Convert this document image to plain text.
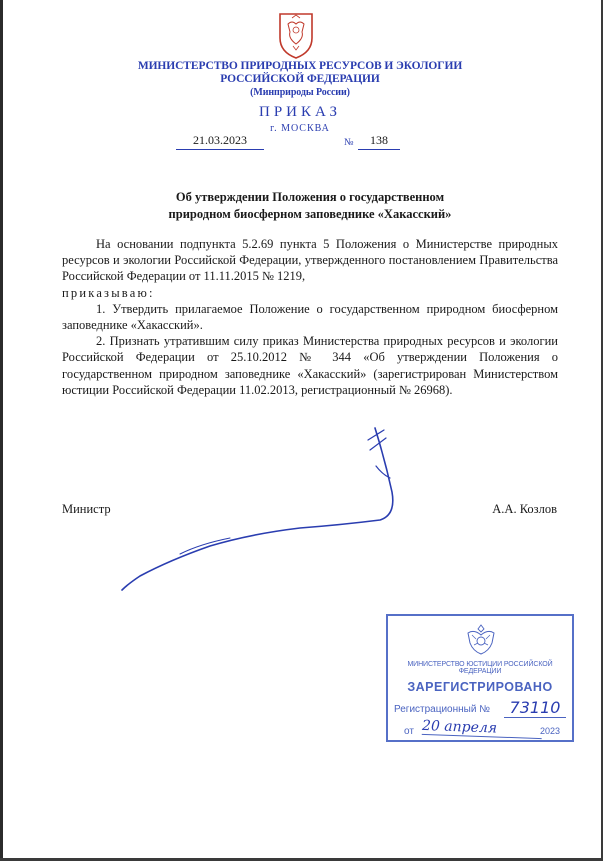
МИНИСТЕРСТВО ПРИРОДНЫХ РЕСУРСОВ И ЭКОЛОГИИ
РОССИЙСКОЙ ФЕДЕРАЦИИ
(Минприроды России)
ПРИКАЗ
г. МОСКВА
21.03.2023	№	138
Об утверждении Положения о государственном
природном биосферном заповеднике «Хакасский»

На основании подпункта 5.2.69 пункта 5 Положения о Министерстве природных ресурсов и экологии Российской Федерации, утвержденного постановлением Правительства Российской Федерации от 11.11.2015 № 1219,

приказываю:

1. Утвердить прилагаемое Положение о государственном природном биосферном заповеднике «Хакасский».

2. Признать утратившим силу приказ Министерства природных ресурсов и экологии Российской Федерации от 25.10.2012 № 344 «Об утверждении Положения о государственном природном заповеднике «Хакасский» (зарегистрирован Министерством юстиции Российской Федерации 11.02.2013, регистрационный № 26968).

Министр	А.А. Козлов
МИНИСТЕРСТВО ЮСТИЦИИ РОССИЙСКОЙ ФЕДЕРАЦИИ
ЗАРЕГИСТРИРОВАНО
Регистрационный №	73110
от 20 апреля	2023
